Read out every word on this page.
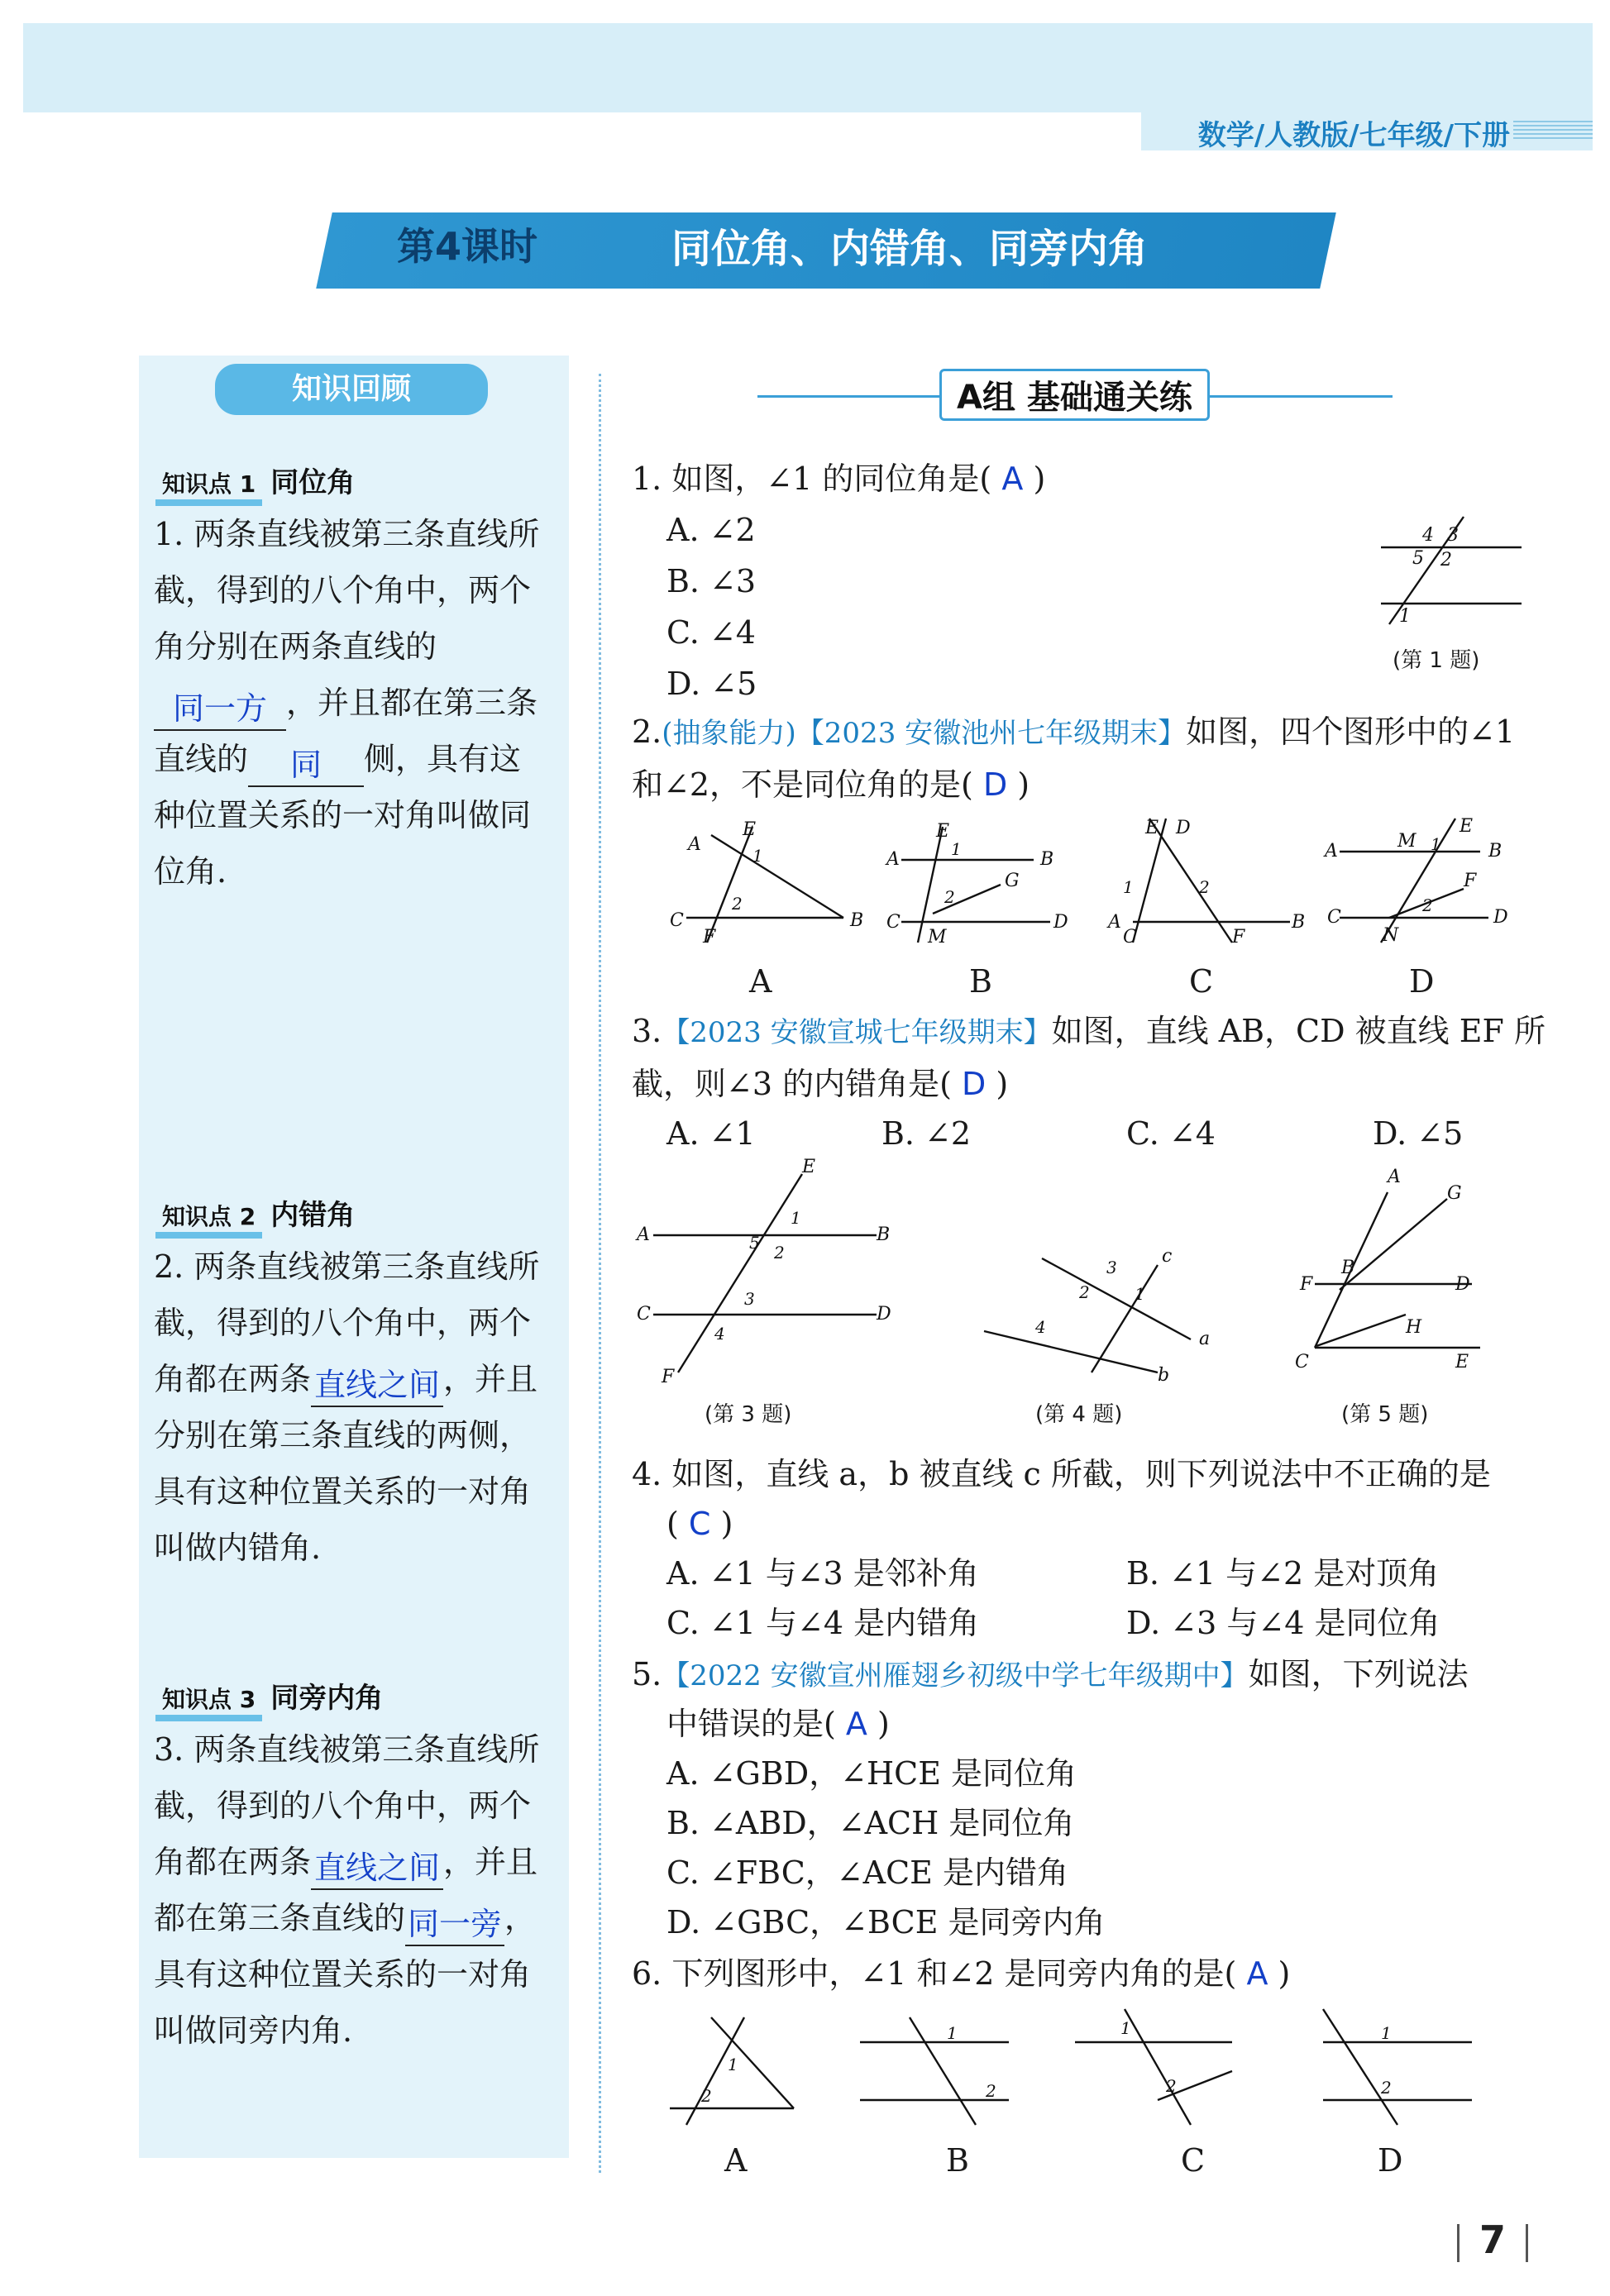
数学/人教版/七年级/下册
第4课时	同位角、内错角、同旁内角
知识回顾
知识点 1 同位角
1. 两条直线被第三条直线所截，得到的八个角中，两个角分别在两条直线的同一方 ，并且都在第三条直线的 同 侧，具有这种位置关系的一对角叫做同位角.
知识点 2 内错角
2. 两条直线被第三条直线所截，得到的八个角中，两个角都在两条 直线之间 ，并且分别在第三条直线的两侧，具有这种位置关系的一对角叫做内错角.
知识点 3 同旁内角
3. 两条直线被第三条直线所截，得到的八个角中，两个角都在两条 直线之间 ，并且都在第三条直线的同一旁，具有这种位置关系的一对角叫做同旁内角.
A组 基础通关练
1. 如图，∠1 的同位角是( A )
A. ∠2
B. ∠3
C. ∠4
D. ∠5
4 3
5 2
1
(第 1 题)
2.(抽象能力)【2023 安徽池州七年级期末】如图，四个图形中的∠1 和∠2，不是同位角的是( D )
A
E
1
2
C	B
F
A
E
1	B
2
G
C
M
D
E D
1	2
A
C	F
B
A	M
E
1	B
F
2
C
N
D
A	B	C	D
3.【2023 安徽宣城七年级期末】如图，直线 AB，CD 被直线 EF 所截，则∠3 的内错角是( D )
A. ∠1	B. ∠2	C. ∠4	D. ∠5
E
A
1
5 2
B
C
3
4
D
F
c
3
2	1
a
4
b
A
G
B
F	D
H
C	E
(第 3 题)	(第 4 题)	(第 5 题)
4. 如图，直线 a，b 被直线 c 所截，则下列说法中不正确的是
( C )
A. ∠1 与∠3 是邻补角	B. ∠1 与∠2 是对顶角
C. ∠1 与∠4 是内错角	D. ∠3 与∠4 是同位角
5.【2022 安徽宣州雁翅乡初级中学七年级期中】如图，下列说法
中错误的是( A )
A. ∠GBD，∠HCE 是同位角
B. ∠ABD，∠ACH 是同位角
C. ∠FBC，∠ACE 是内错角
D. ∠GBC，∠BCE 是同旁内角
6. 下列图形中，∠1 和∠2 是同旁内角的是( A )
1
2
1
2
1
2
1
2
A	B	C	D
7
